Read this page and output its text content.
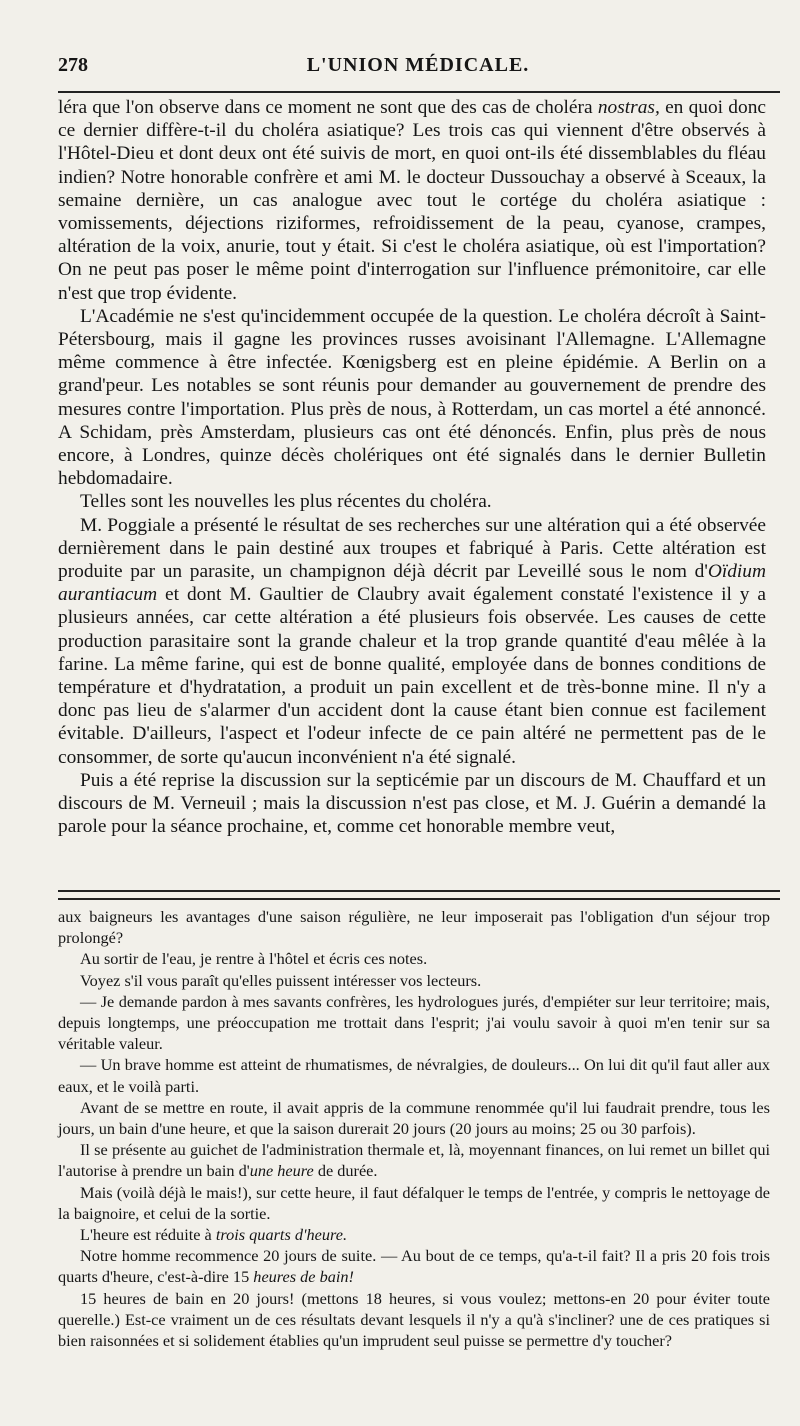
278	L'UNION MÉDICALE.

léra que l'on observe dans ce moment ne sont que des cas de choléra nostras, en quoi donc ce dernier diffère-t-il du choléra asiatique? Les trois cas qui viennent d'être observés à l'Hôtel-Dieu et dont deux ont été suivis de mort, en quoi ont-ils été dissemblables du fléau indien? Notre honorable confrère et ami M. le docteur Dussouchay a observé à Sceaux, la semaine dernière, un cas analogue avec tout le cortége du choléra asiatique : vomissements, déjections riziformes, refroidissement de la peau, cyanose, crampes, altération de la voix, anurie, tout y était. Si c'est le choléra asiatique, où est l'importation? On ne peut pas poser le même point d'interrogation sur l'influence prémonitoire, car elle n'est que trop évidente.

L'Académie ne s'est qu'incidemment occupée de la question. Le choléra décroît à Saint-Pétersbourg, mais il gagne les provinces russes avoisinant l'Allemagne. L'Allemagne même commence à être infectée. Kœnigsberg est en pleine épidémie. A Berlin on a grand'peur. Les notables se sont réunis pour demander au gouvernement de prendre des mesures contre l'importation. Plus près de nous, à Rotterdam, un cas mortel a été annoncé. A Schidam, près Amsterdam, plusieurs cas ont été dénoncés. Enfin, plus près de nous encore, à Londres, quinze décès cholériques ont été signalés dans le dernier Bulletin hebdomadaire.

Telles sont les nouvelles les plus récentes du choléra.

M. Poggiale a présenté le résultat de ses recherches sur une altération qui a été observée dernièrement dans le pain destiné aux troupes et fabriqué à Paris. Cette altération est produite par un parasite, un champignon déjà décrit par Leveillé sous le nom d'Oïdium aurantiacum et dont M. Gaultier de Claubry avait également constaté l'existence il y a plusieurs années, car cette altération a été plusieurs fois observée. Les causes de cette production parasitaire sont la grande chaleur et la trop grande quantité d'eau mêlée à la farine. La même farine, qui est de bonne qualité, employée dans de bonnes conditions de température et d'hydratation, a produit un pain excellent et de très-bonne mine. Il n'y a donc pas lieu de s'alarmer d'un accident dont la cause étant bien connue est facilement évitable. D'ailleurs, l'aspect et l'odeur infecte de ce pain altéré ne permettent pas de le consommer, de sorte qu'aucun inconvénient n'a été signalé.

Puis a été reprise la discussion sur la septicémie par un discours de M. Chauffard et un discours de M. Verneuil ; mais la discussion n'est pas close, et M. J. Guérin a demandé la parole pour la séance prochaine, et, comme cet honorable membre veut,

aux baigneurs les avantages d'une saison régulière, ne leur imposerait pas l'obligation d'un séjour trop prolongé?

Au sortir de l'eau, je rentre à l'hôtel et écris ces notes.

Voyez s'il vous paraît qu'elles puissent intéresser vos lecteurs.

— Je demande pardon à mes savants confrères, les hydrologues jurés, d'empiéter sur leur territoire; mais, depuis longtemps, une préoccupation me trottait dans l'esprit; j'ai voulu savoir à quoi m'en tenir sur sa véritable valeur.

— Un brave homme est atteint de rhumatismes, de névralgies, de douleurs... On lui dit qu'il faut aller aux eaux, et le voilà parti.

Avant de se mettre en route, il avait appris de la commune renommée qu'il lui faudrait prendre, tous les jours, un bain d'une heure, et que la saison durerait 20 jours (20 jours au moins; 25 ou 30 parfois).

Il se présente au guichet de l'administration thermale et, là, moyennant finances, on lui remet un billet qui l'autorise à prendre un bain d'une heure de durée.

Mais (voilà déjà le mais!), sur cette heure, il faut défalquer le temps de l'entrée, y compris le nettoyage de la baignoire, et celui de la sortie.

L'heure est réduite à trois quarts d'heure.

Notre homme recommence 20 jours de suite. — Au bout de ce temps, qu'a-t-il fait? Il a pris 20 fois trois quarts d'heure, c'est-à-dire 15 heures de bain!

15 heures de bain en 20 jours! (mettons 18 heures, si vous voulez; mettons-en 20 pour éviter toute querelle.) Est-ce vraiment un de ces résultats devant lesquels il n'y a qu'à s'incliner? une de ces pratiques si bien raisonnées et si solidement établies qu'un imprudent seul puisse se permettre d'y toucher?
